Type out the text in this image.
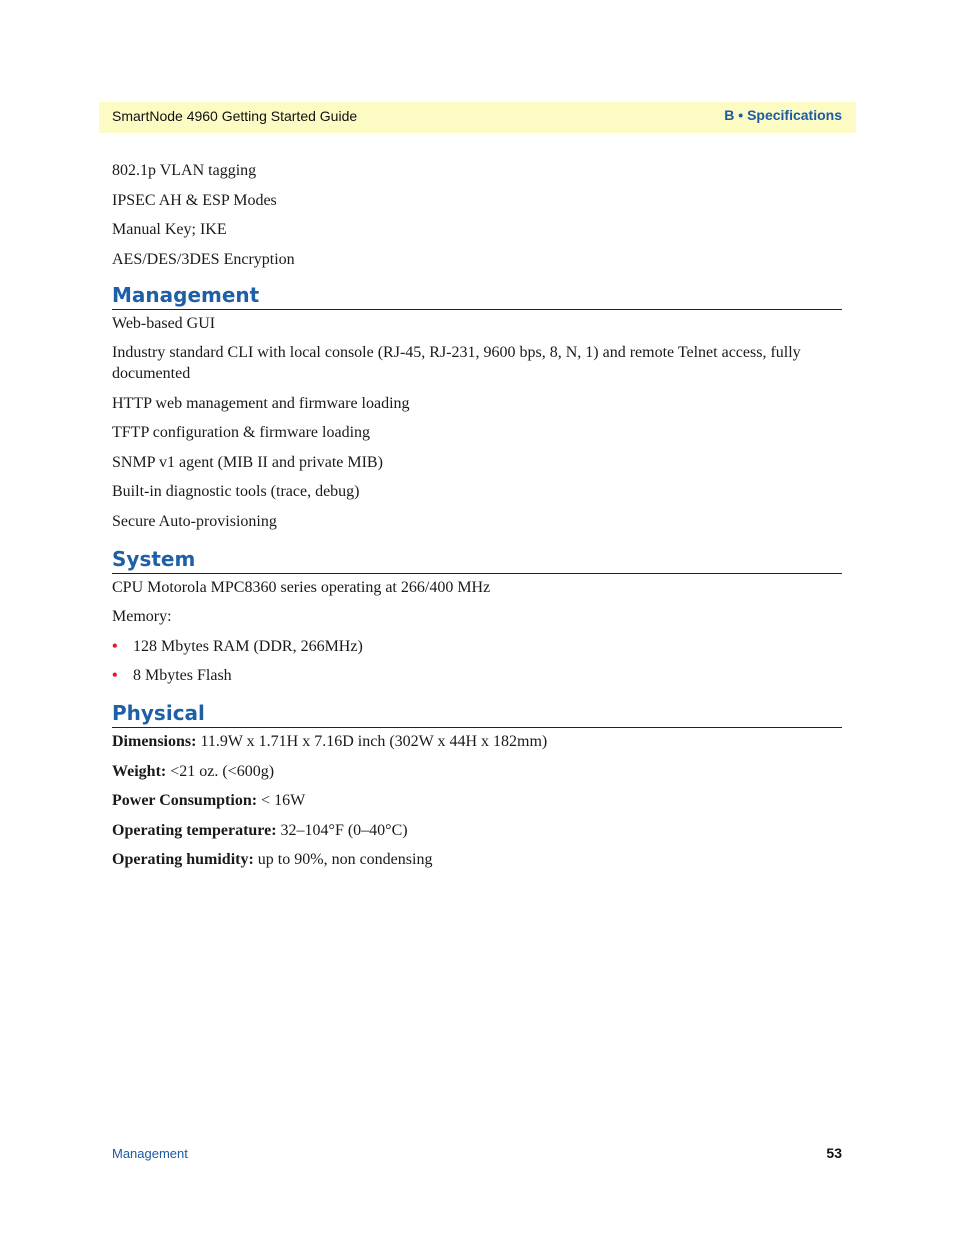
SmartNode 4960 Getting Started Guide	B • Specifications

802.1p VLAN tagging

IPSEC AH & ESP Modes

Manual Key; IKE

AES/DES/3DES Encryption

Management

Web-based GUI

Industry standard CLI with local console (RJ-45, RJ-231, 9600 bps, 8, N, 1) and remote Telnet access, fully documented

HTTP web management and firmware loading

TFTP configuration & firmware loading

SNMP v1 agent (MIB II and private MIB)

Built-in diagnostic tools (trace, debug)

Secure Auto-provisioning

System

CPU Motorola MPC8360 series operating at 266/400 MHz

Memory:

• 128 Mbytes RAM (DDR, 266MHz)
• 8 Mbytes Flash
Physical

Dimensions: 11.9W x 1.71H x 7.16D inch (302W x 44H x 182mm)

Weight: <21 oz. (<600g)

Power Consumption: < 16W

Operating temperature: 32–104°F (0–40°C)

Operating humidity: up to 90%, non condensing

Management	53
